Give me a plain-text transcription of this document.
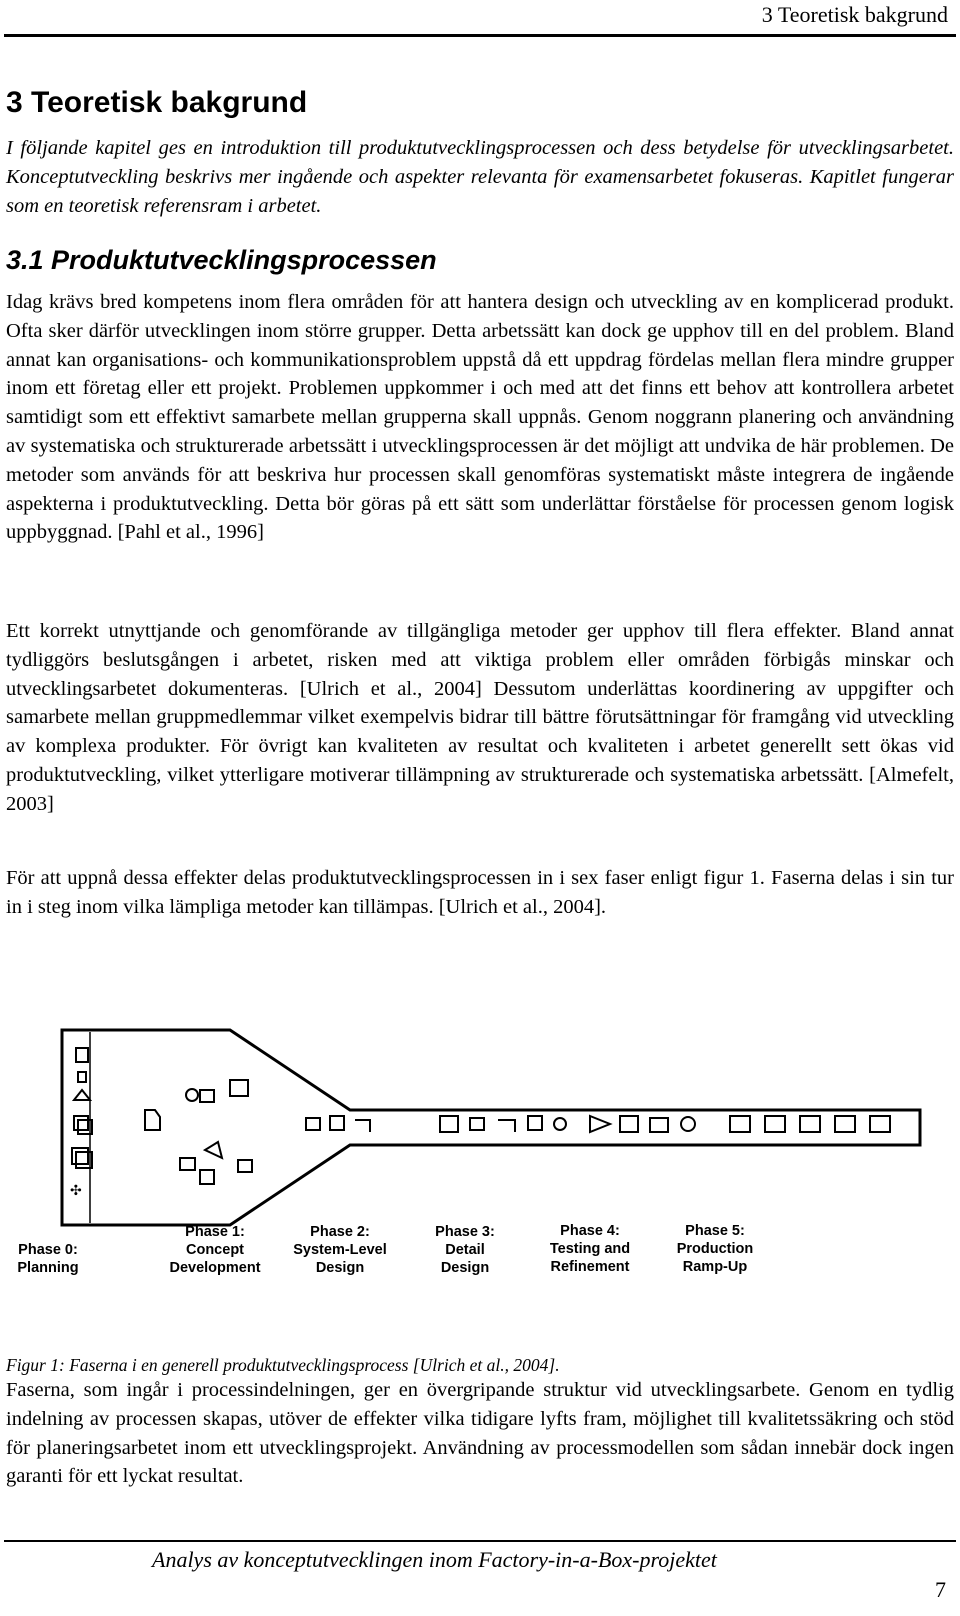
3 Teoretisk bakgrund
3 Teoretisk bakgrund

I följande kapitel ges en introduktion till produktutvecklingsprocessen och dess betydelse för utvecklingsarbetet. Konceptutveckling beskrivs mer ingående och aspekter relevanta för examensarbetet fokuseras. Kapitlet fungerar som en teoretisk referensram i arbetet.

3.1 Produktutvecklingsprocessen

Idag krävs bred kompetens inom flera områden för att hantera design och utveckling av en komplicerad produkt. Ofta sker därför utvecklingen inom större grupper. Detta arbetssätt kan dock ge upphov till en del problem. Bland annat kan organisations- och kommunikationsproblem uppstå då ett uppdrag fördelas mellan flera mindre grupper inom ett företag eller ett projekt. Problemen uppkommer i och med att det finns ett behov att kontrollera arbetet samtidigt som ett effektivt samarbete mellan grupperna skall uppnås. Genom noggrann planering och användning av systematiska och strukturerade arbetssätt i utvecklingsprocessen är det möjligt att undvika de här problemen. De metoder som används för att beskriva hur processen skall genomföras systematiskt måste integrera de ingående aspekterna i produktutveckling. Detta bör göras på ett sätt som underlättar förståelse för processen genom logisk uppbyggnad. [Pahl et al., 1996]

Ett korrekt utnyttjande och genomförande av tillgängliga metoder ger upphov till flera effekter. Bland annat tydliggörs beslutsgången i arbetet, risken med att viktiga problem eller områden förbigås minskar och utvecklingsarbetet dokumenteras. [Ulrich et al., 2004] Dessutom underlättas koordinering av uppgifter och samarbete mellan gruppmedlemmar vilket exempelvis bidrar till bättre förutsättningar för framgång vid utveckling av komplexa produkter. För övrigt kan kvaliteten av resultat och kvaliteten i arbetet generellt sett ökas vid produktutveckling, vilket ytterligare motiverar tillämpning av strukturerade och systematiska arbetssätt. [Almefelt, 2003]

För att uppnå dessa effekter delas produktutvecklingsprocessen in i sex faser enligt figur 1. Faserna delas i sin tur in i steg inom vilka lämpliga metoder kan tillämpas. [Ulrich et al., 2004].

✣
Phase 0:
Planning
Phase 1:
Concept
Development
Phase 2:
System-Level
Design
Phase 3:
Detail
Design
Phase 4:
Testing and
Refinement
Phase 5:
Production
Ramp-Up
Figur 1: Faserna i en generell produktutvecklingsprocess [Ulrich et al., 2004].

Faserna, som ingår i processindelningen, ger en övergripande struktur vid utvecklingsarbete. Genom en tydlig indelning av processen skapas, utöver de effekter vilka tidigare lyfts fram, möjlighet till kvalitetssäkring och stöd för planeringsarbetet inom ett utvecklingsprojekt. Användning av processmodellen som sådan innebär dock ingen garanti för ett lyckat resultat.

Analys av konceptutvecklingen inom Factory-in-a-Box-projektet
7
